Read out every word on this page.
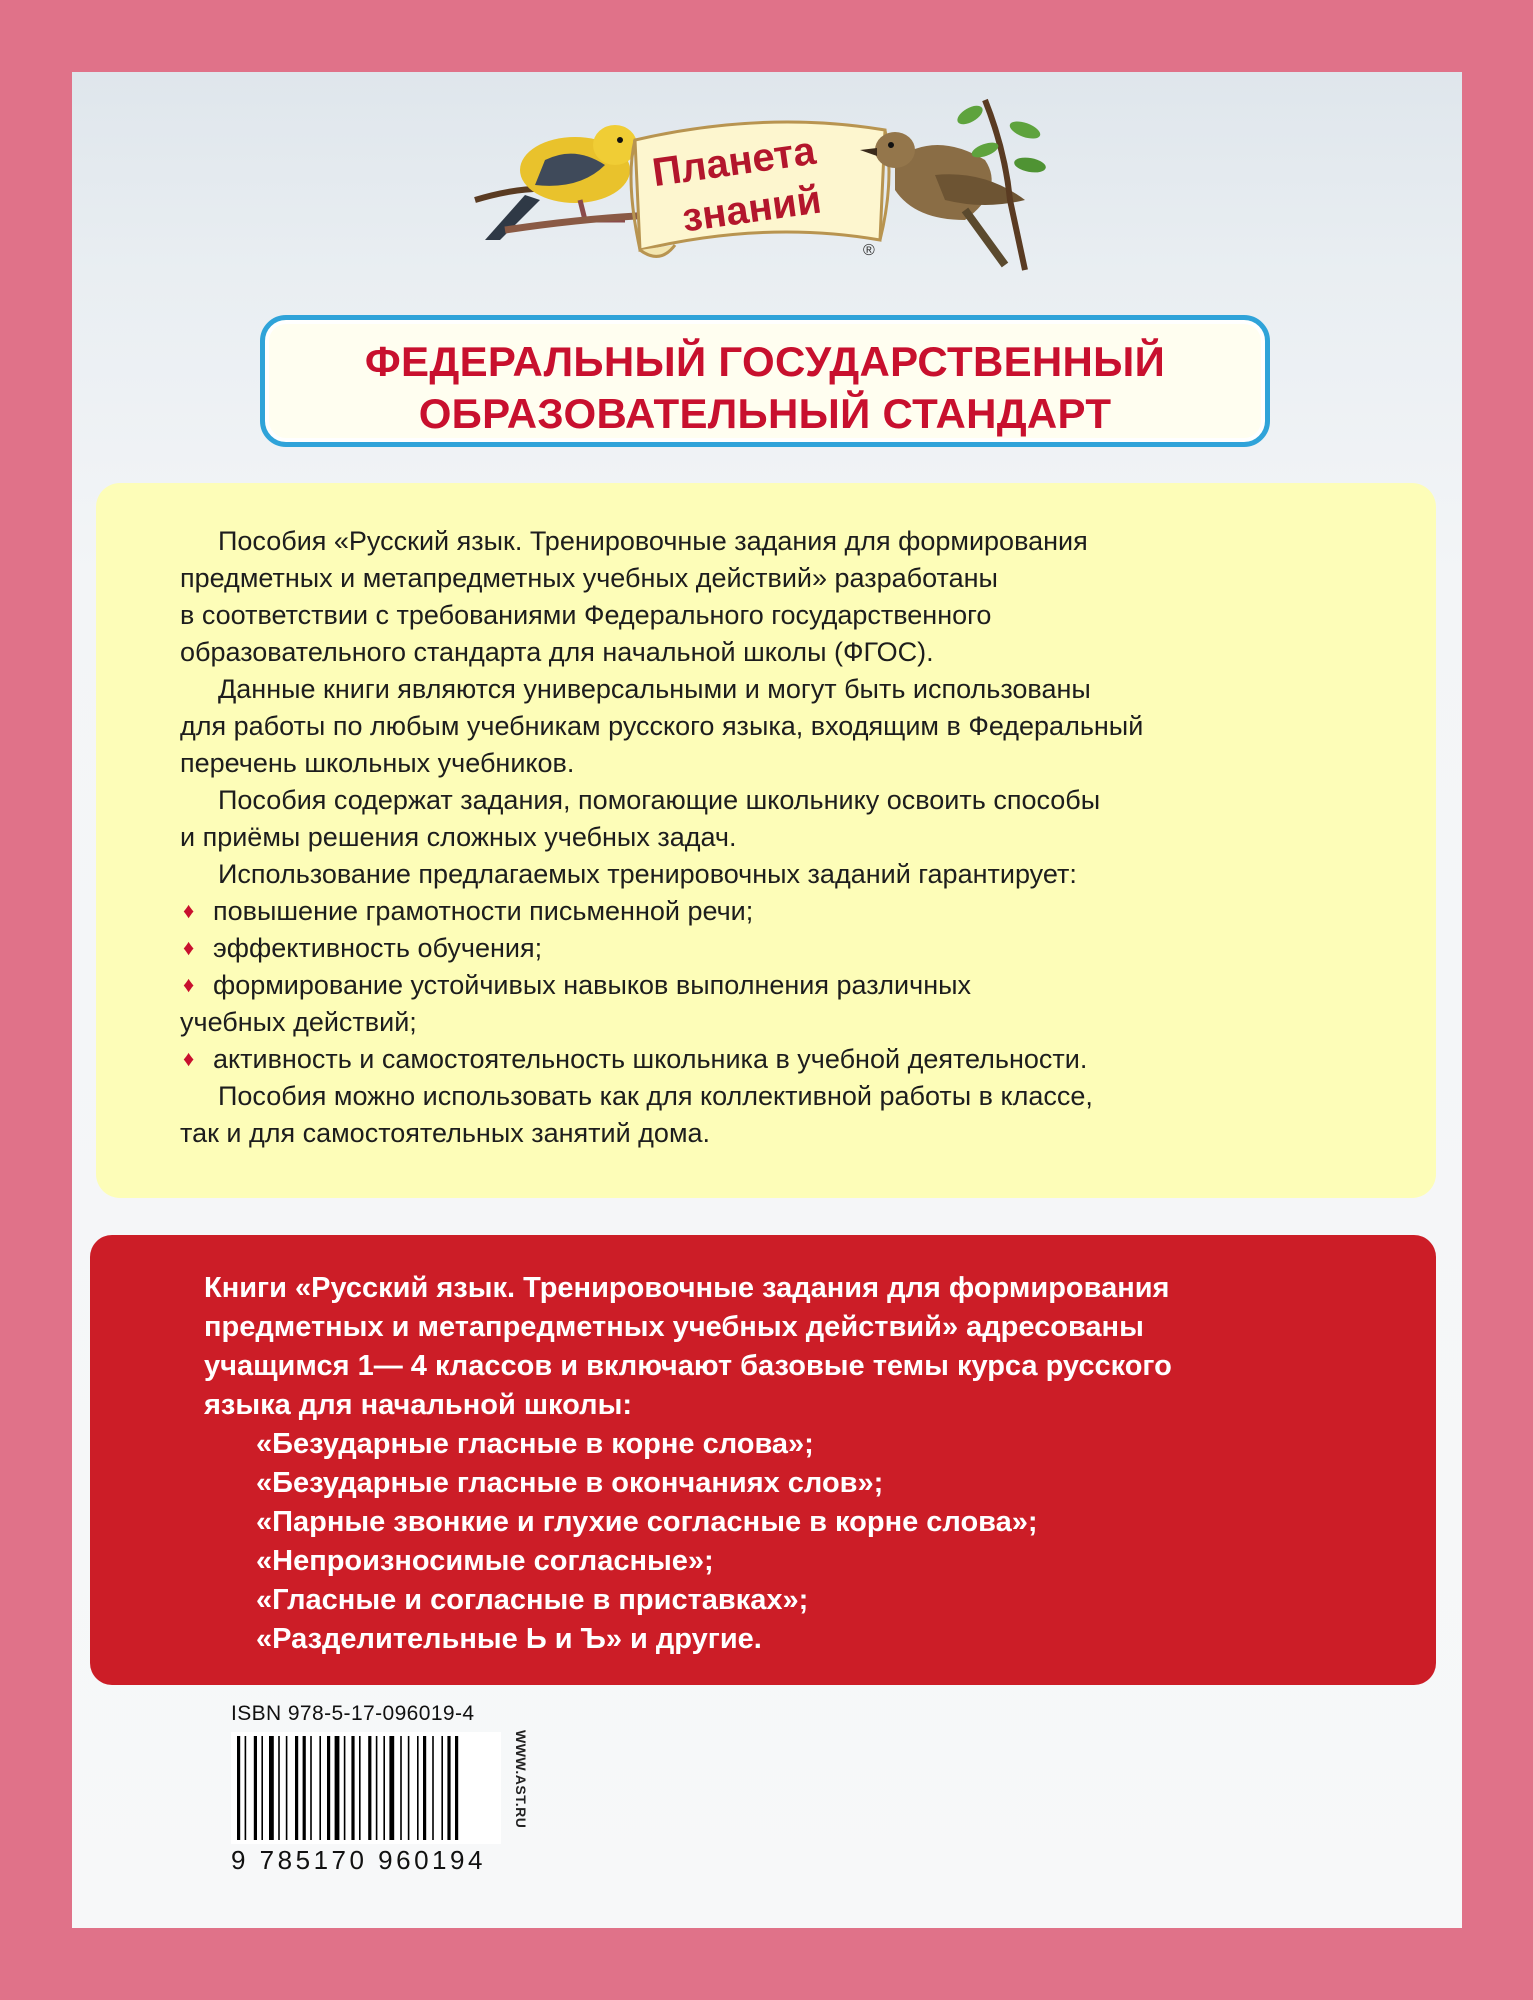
Планета
знаний
®
ФЕДЕРАЛЬНЫЙ ГОСУДАРСТВЕННЫЙ
ОБРАЗОВАТЕЛЬНЫЙ СТАНДАРТ
Пособия «Русский язык. Тренировочные задания для формирования
предметных и метапредметных учебных действий» разработаны
в соответствии с требованиями Федерального государственного
образовательного стандарта для начальной школы (ФГОС).
Данные книги являются универсальными и могут быть использованы
для работы по любым учебникам русского языка, входящим в Федеральный
перечень школьных учебников.
Пособия содержат задания, помогающие школьнику освоить способы
и приёмы решения сложных учебных задач.
Использование предлагаемых тренировочных заданий гарантирует:
♦ повышение грамотности письменной речи;
♦ эффективность обучения;
♦ формирование устойчивых навыков выполнения различных
учебных действий;
♦ активность и самостоятельность школьника в учебной деятельности.
Пособия можно использовать как для коллективной работы в классе,
так и для самостоятельных занятий дома.
Книги «Русский язык. Тренировочные задания для формирования
предметных и метапредметных учебных действий» адресованы
учащимся 1— 4 классов и включают базовые темы курса русского
языка для начальной школы:
«Безударные гласные в корне слова»;
«Безударные гласные в окончаниях слов»;
«Парные звонкие и глухие согласные в корне слова»;
«Непроизносимые согласные»;
«Гласные и согласные в приставках»;
«Разделительные Ь и Ъ» и другие.
ISBN 978-5-17-096019-4
9 785170 960194
WWW.AST.RU
